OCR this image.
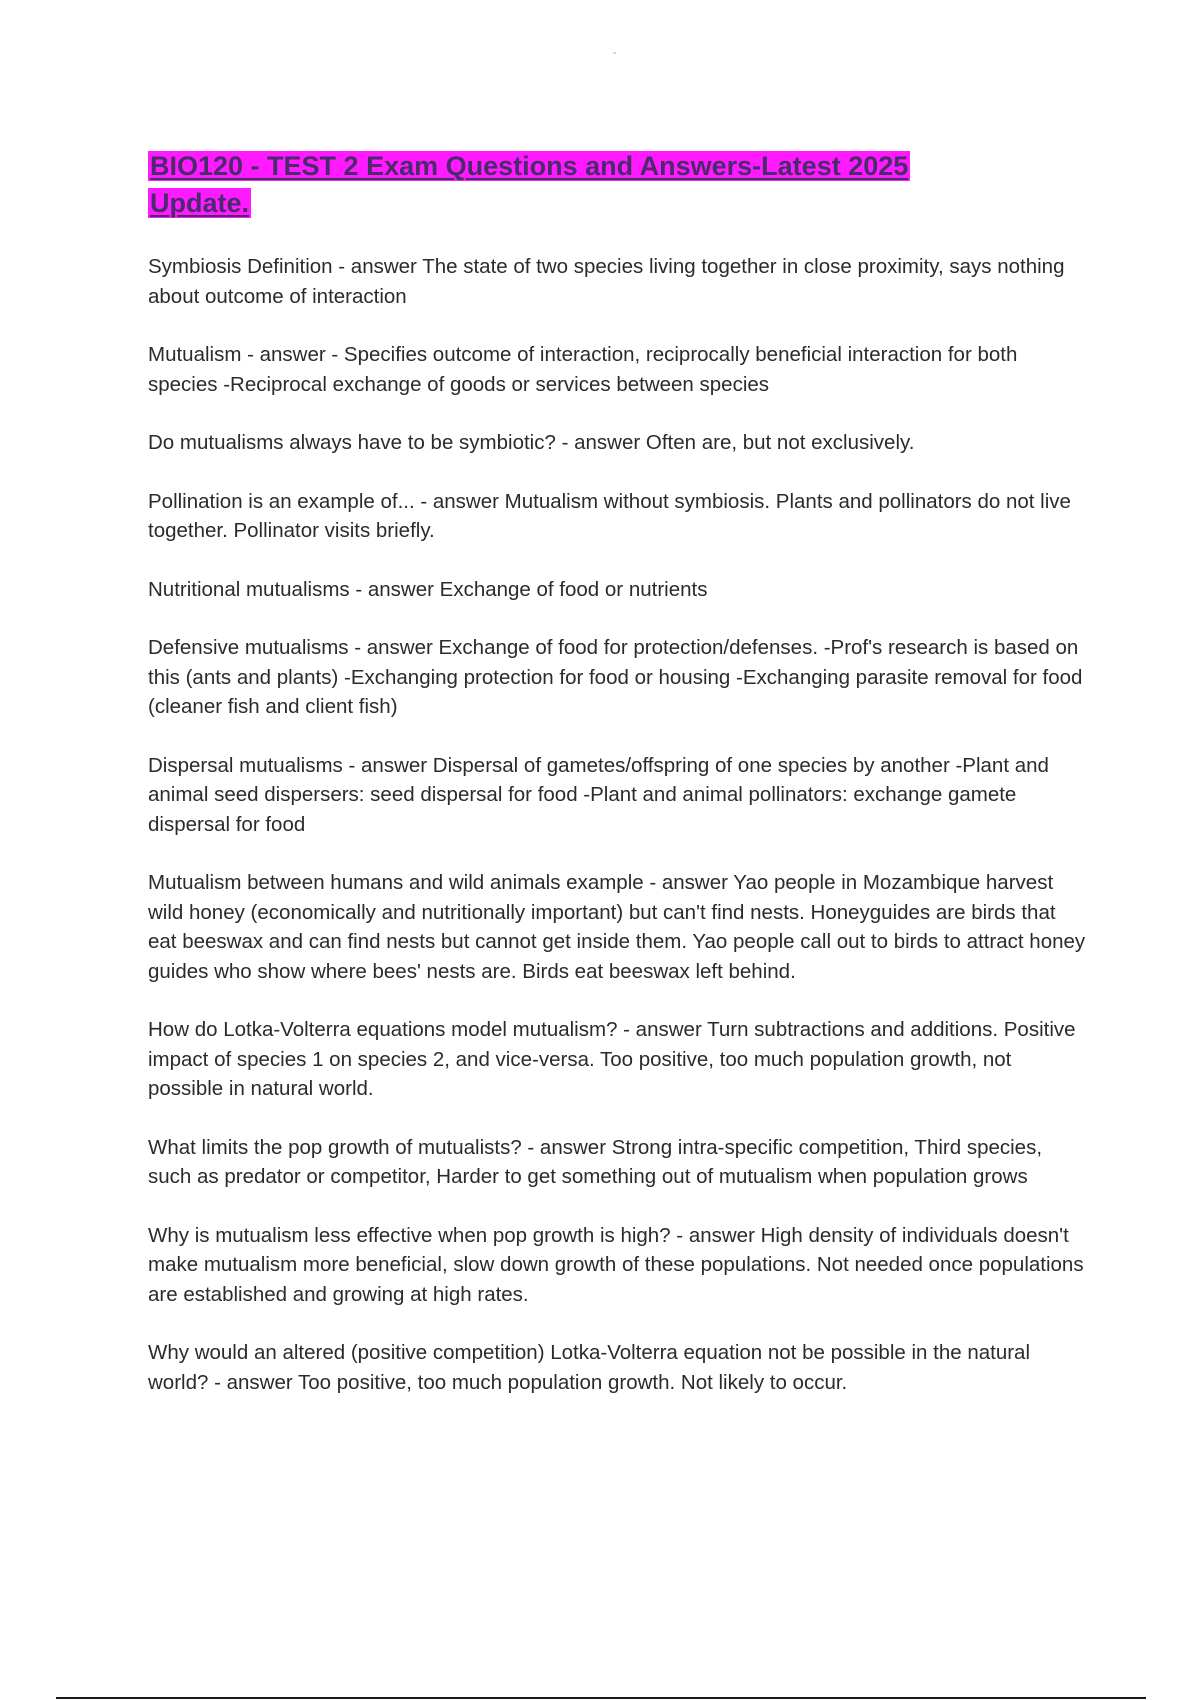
BIO120 - TEST 2 Exam Questions and Answers-Latest 2025 Update.

Symbiosis Definition - answer The state of two species living together in close proximity, says nothing about outcome of interaction

Mutualism - answer - Specifies outcome of interaction, reciprocally beneficial interaction for both species -Reciprocal exchange of goods or services between species

Do mutualisms always have to be symbiotic? - answer Often are, but not exclusively.

Pollination is an example of... - answer Mutualism without symbiosis. Plants and pollinators do not live together. Pollinator visits briefly.

Nutritional mutualisms - answer Exchange of food or nutrients

Defensive mutualisms - answer Exchange of food for protection/defenses. -Prof's research is based on this (ants and plants) -Exchanging protection for food or housing -Exchanging parasite removal for food (cleaner fish and client fish)

Dispersal mutualisms - answer Dispersal of gametes/offspring of one species by another -Plant and animal seed dispersers: seed dispersal for food -Plant and animal pollinators: exchange gamete dispersal for food

Mutualism between humans and wild animals example - answer Yao people in Mozambique harvest wild honey (economically and nutritionally important) but can't find nests. Honeyguides are birds that eat beeswax and can find nests but cannot get inside them. Yao people call out to birds to attract honey guides who show where bees' nests are. Birds eat beeswax left behind.

How do Lotka-Volterra equations model mutualism? - answer Turn subtractions and additions. Positive impact of species 1 on species 2, and vice-versa. Too positive, too much population growth, not possible in natural world.

What limits the pop growth of mutualists? - answer Strong intra-specific competition, Third species, such as predator or competitor, Harder to get something out of mutualism when population grows

Why is mutualism less effective when pop growth is high? - answer High density of individuals doesn't make mutualism more beneficial, slow down growth of these populations. Not needed once populations are established and growing at high rates.

Why would an altered (positive competition) Lotka-Volterra equation not be possible in the natural world? - answer Too positive, too much population growth. Not likely to occur.
